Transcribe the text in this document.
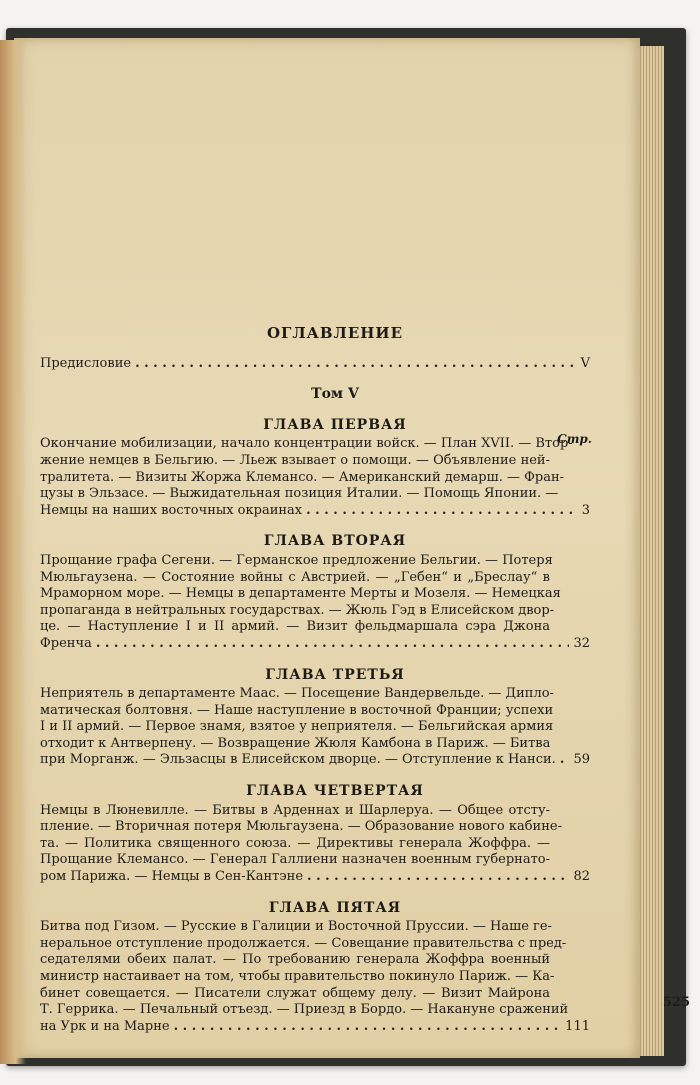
ОГЛАВЛЕНИЕ
Предисловие . . .	V
Том V
ГЛАВА ПЕРВАЯ
Стр.
Окончание мобилизации, начало концентрации войск. — План XVII. — Втор-
жение немцев в Бельгию. — Льеж взывает о помощи. — Объявление ней-
тралитета. — Визиты Жоржа Клемансо. — Американский демарш. — Фран-
цузы в Эльзасе. — Выжидательная позиция Италии. — Помощь Японии. —
Немцы на наших восточных окраинах . . .	3
ГЛАВА ВТОРАЯ
Прощание графа Сегени. — Германское предложение Бельгии. — Потеря
Мюльгаузена. — Состояние войны с Австрией. — „Гебен“ и „Бреслау“ в
Мраморном море. — Немцы в департаменте Мерты и Мозеля. — Немецкая
пропаганда в нейтральных государствах. — Жюль Гэд в Елисейском двор-
це. — Наступление I и II армий. — Визит фельдмаршала сэра Джона
Френча . . .	32
ГЛАВА ТРЕТЬЯ
Неприятель в департаменте Маас. — Посещение Вандервельде. — Дипло-
матическая болтовня. — Наше наступление в восточной Франции; успехи
I и II армий. — Первое знамя, взятое у неприятеля. — Бельгийская армия
отходит к Антверпену. — Возвращение Жюля Камбона в Париж. — Битва
при Морганж. — Эльзасцы в Елисейском дворце. — Отступление к Нанси. . . . 59
ГЛАВА ЧЕТВЕРТАЯ
Немцы в Люневилле. — Битвы в Арденнах и Шарлеруа. — Общее отсту-
пление. — Вторичная потеря Мюльгаузена. — Образование нового кабине-
та. — Политика священного союза. — Директивы генерала Жоффра. —
Прощание Клемансо. — Генерал Галлиени назначен военным губернато-
ром Парижа. — Немцы в Сен-Кантэне . . .	82
ГЛАВА ПЯТАЯ
Битва под Гизом. — Русские в Галиции и Восточной Пруссии. — Наше ге-
неральное отступление продолжается. — Совещание правительства с пред-
седателями обеих палат. — По требованию генерала Жоффра военный
министр настаивает на том, чтобы правительство покинуло Париж. — Ка-
бинет совещается. — Писатели служат общему делу. — Визит Майрона
Т. Геррика. — Печальный отъезд. — Приезд в Бордо. — Накануне сражений
на Урк и на Марне . . .	111
525
